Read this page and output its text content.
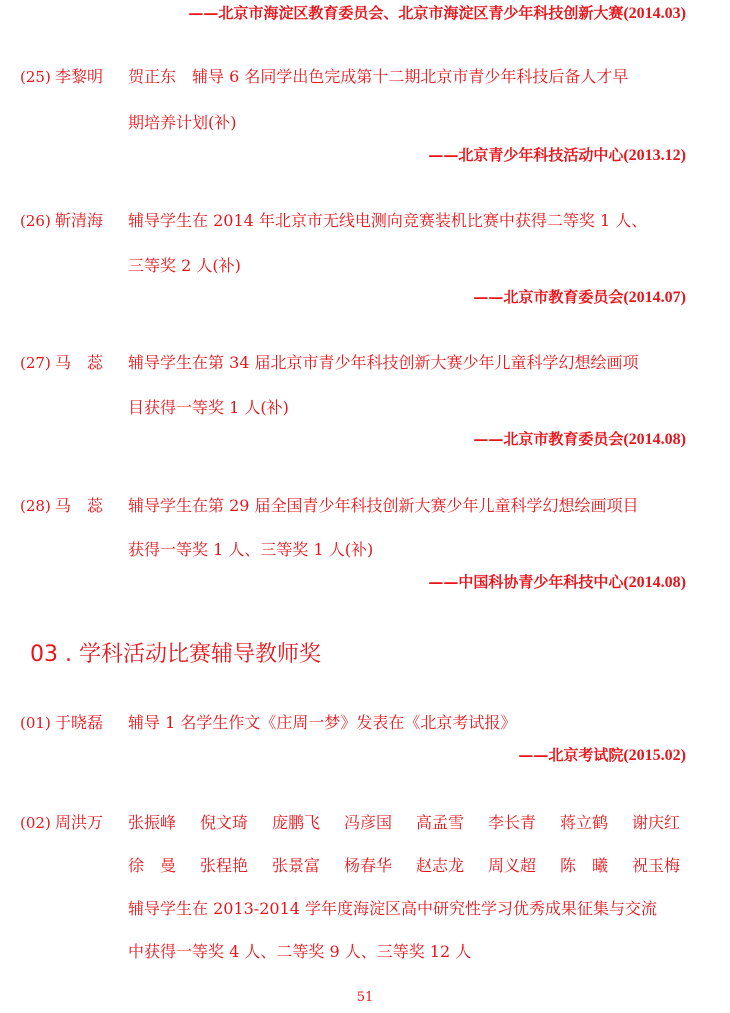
——北京市海淀区教育委员会、北京市海淀区青少年科技创新大赛(2014.03)
(25) 李黎明 贺正东　辅导 6 名同学出色完成第十二期北京市青少年科技后备人才早
期培养计划(补)
——北京青少年科技活动中心(2013.12)
(26) 靳清海 辅导学生在 2014 年北京市无线电测向竞赛装机比赛中获得二等奖 1 人、
三等奖 2 人(补)
——北京市教育委员会(2014.07)
(27) 马　蕊 辅导学生在第 34 届北京市青少年科技创新大赛少年儿童科学幻想绘画项
目获得一等奖 1 人(补)
——北京市教育委员会(2014.08)
(28) 马　蕊 辅导学生在第 29 届全国青少年科技创新大赛少年儿童科学幻想绘画项目
获得一等奖 1 人、三等奖 1 人(补)
——中国科协青少年科技中心(2014.08)
03 . 学科活动比赛辅导教师奖
(01) 于晓磊 辅导 1 名学生作文《庄周一梦》发表在《北京考试报》
——北京考试院(2015.02)
(02) 周洪万 张振峰 倪文琦 庞鹏飞 冯彦国 高孟雪 李长青 蒋立鹤 谢庆红
徐　曼 张程艳 张景富 杨春华 赵志龙 周义超 陈　曦 祝玉梅
辅导学生在 2013-2014 学年度海淀区高中研究性学习优秀成果征集与交流
中获得一等奖 4 人、二等奖 9 人、三等奖 12 人
51
